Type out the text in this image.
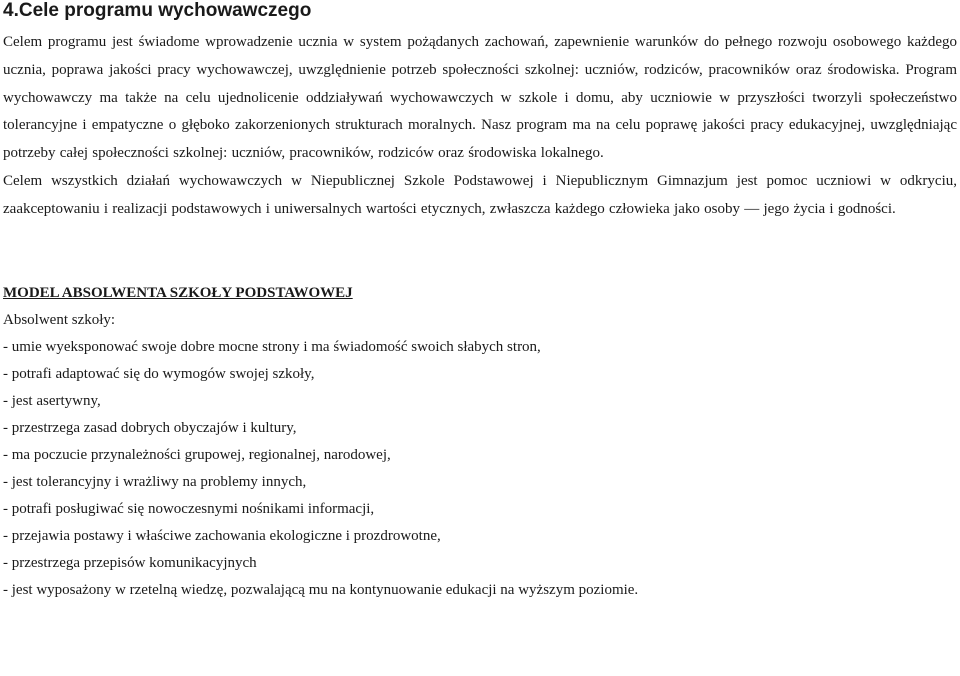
4.Cele programu wychowawczego

Celem programu jest świadome wprowadzenie ucznia w system pożądanych zachowań, zapewnienie warunków do pełnego rozwoju osobowego każdego ucznia, poprawa jakości pracy wychowawczej, uwzględnienie potrzeb społeczności szkolnej: uczniów, rodziców, pracowników oraz środowiska. Program wychowawczy ma także na celu ujednolicenie oddziaływań wychowawczych w szkole i domu, aby uczniowie w przyszłości tworzyli społeczeństwo tolerancyjne i empatyczne o głęboko zakorzenionych strukturach moralnych. Nasz program ma na celu poprawę jakości pracy edukacyjnej, uwzględniając potrzeby całej społeczności szkolnej: uczniów, pracowników, rodziców oraz środowiska lokalnego.

Celem wszystkich działań wychowawczych w Niepublicznej Szkole Podstawowej i Niepublicznym Gimnazjum jest pomoc uczniowi w odkryciu, zaakceptowaniu i realizacji podstawowych i uniwersalnych wartości etycznych, zwłaszcza każdego człowieka jako osoby — jego życia i godności.

MODEL ABSOLWENTA SZKOŁY PODSTAWOWEJ

Absolwent szkoły:

- umie wyeksponować swoje dobre mocne strony i ma świadomość swoich słabych stron,
- potrafi adaptować się do wymogów swojej szkoły,
- jest asertywny,
- przestrzega zasad dobrych obyczajów i kultury,
- ma poczucie przynależności grupowej, regionalnej, narodowej,
- jest tolerancyjny i wrażliwy na problemy innych,
- potrafi posługiwać się nowoczesnymi nośnikami informacji,
- przejawia postawy i właściwe zachowania ekologiczne i prozdrowotne,
- przestrzega przepisów komunikacyjnych
- jest wyposażony w rzetelną wiedzę, pozwalającą mu na kontynuowanie edukacji na wyższym poziomie.
